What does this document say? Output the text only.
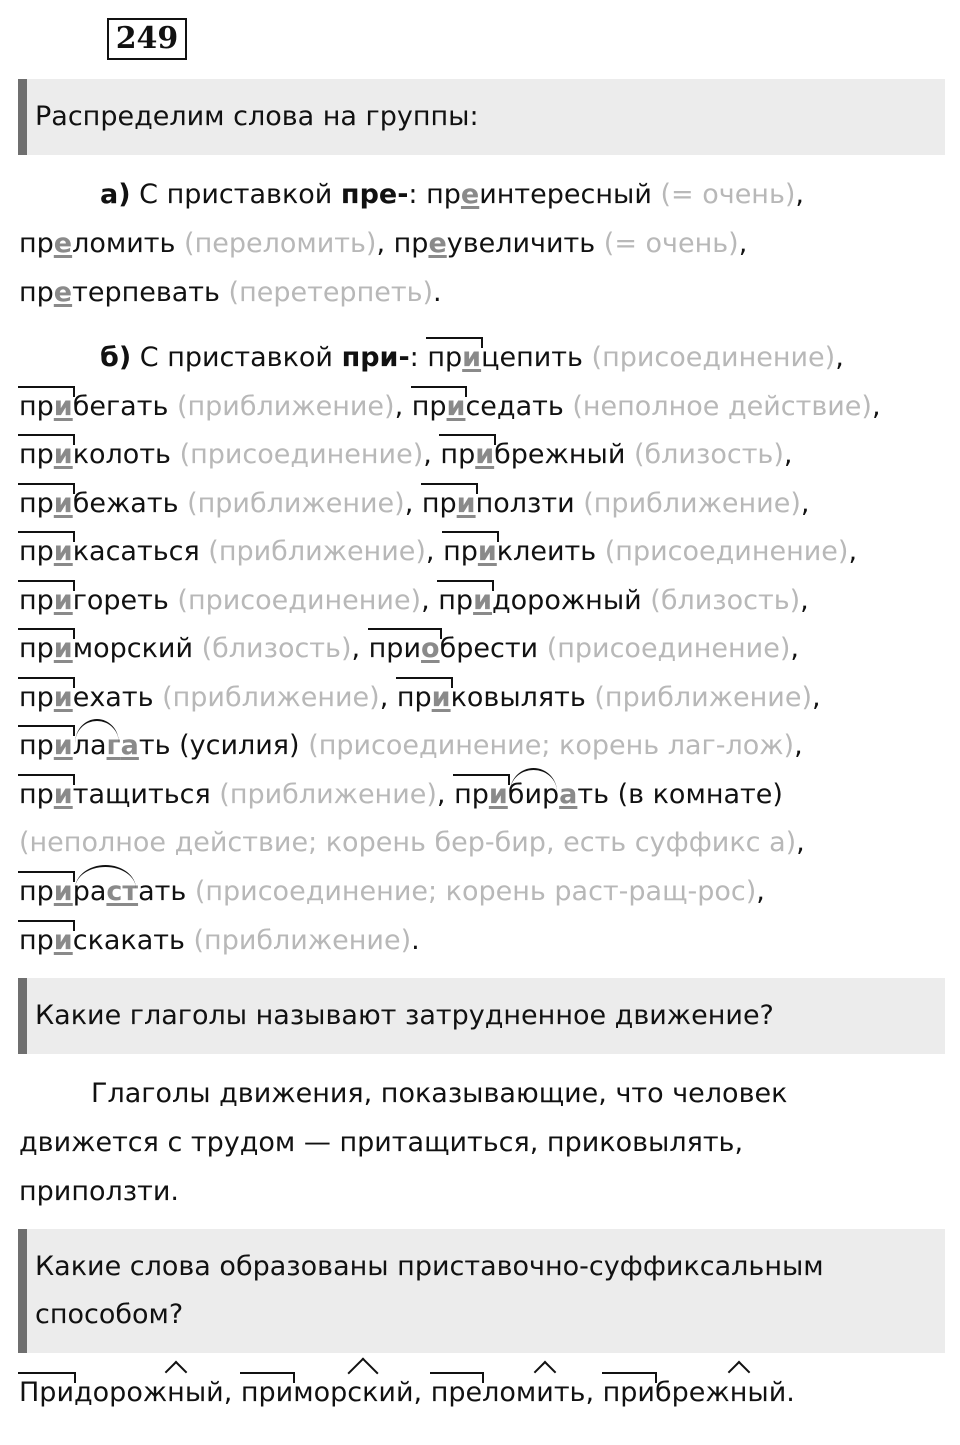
249
Распределим слова на группы:
а) С приставкой пре-: преинтересный (= очень),
преломить (переломить), преувеличить (= очень),
претерпевать (перетерпеть).
б) С приставкой при-: прицепить (присоединение),
прибегать (приближение), приседать (неполное действие),
приколоть (присоединение), прибрежный (близость),
прибежать (приближение), приползти (приближение),
прикасаться (приближение), приклеить (присоединение),
пригореть (присоединение), придорожный (близость),
приморский (близость), приобрести (присоединение),
приехать (приближение), приковылять (приближение),
прилагать (усилия) (присоединение; корень лаг-лож),
притащиться (приближение), прибирать (в комнате)
(неполное действие; корень бер-бир, есть суффикс а),
прирастать (присоединение; корень раст-ращ-рос),
прискакать (приближение).
Какие глаголы называют затрудненное движение?
Глаголы движения, показывающие, что человек
движется с трудом — притащиться, приковылять,
приползти.
Какие слова образованы приставочно-суффиксальным
способом?
Придорожный, приморский, преломить, прибрежный.
